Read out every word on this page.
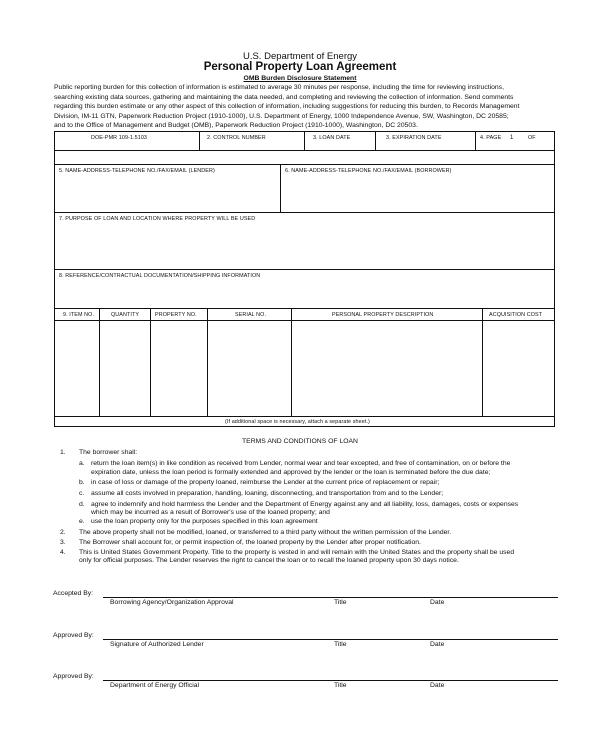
U.S. Department of Energy
Personal Property Loan Agreement
OMB Burden Disclosure Statement
Public reporting burden for this collection of information is estimated to average 30 minutes per response, including the time for reviewing instructions,
searching existing data sources, gathering and maintaining the data needed, and completing and reviewing the collection of information. Send comments
regarding this burden estimate or any other aspect of this collection of information, including suggestions for reducing this burden, to Records Management
Division, IM-11 GTN, Paperwork Reduction Project (1910-1000), U.S. Department of Energy, 1000 Independence Avenue, SW, Washington, DC 20585;
and to the Office of Management and Budget (OMB), Paperwork Reduction Project (1910-1000), Washington, DC 20503.
DOE-PMR 109-1.5103	2. CONTROL NUMBER	3. LOAN DATE	3. EXPIRATION DATE	4. PAGE 1	OF
5. NAME-ADDRESS-TELEPHONE NO./FAX/EMAIL (LENDER)	6. NAME-ADDRESS-TELEPHONE NO./FAX/EMAIL (BORROWER)
7. PURPOSE OF LOAN AND LOCATION WHERE PROPERTY WILL BE USED
8. REFERENCE/CONTRACTUAL DOCUMENTATION/SHIPPING INFORMATION
9. ITEM NO.	QUANTITY	PROPERTY NO.	SERIAL NO.	PERSONAL PROPERTY DESCRIPTION	ACQUISITION COST
(If additional space is necessary, attach a separate sheet.)
TERMS AND CONDITIONS OF LOAN
1. The borrower shall:
a. return the loan item(s) in like condition as received from Lender, normal wear and tear excepted, and free of contamination, on or before the
expiration date, unless the loan period is formally extended and approved by the lender or the loan is terminated before the due date;
b. in case of loss or damage of the property loaned, reimburse the Lender at the current price of replacement or repair;
c. assume all costs involved in preparation, handling, loaning, disconnecting, and transportation from and to the Lender;
d. agree to indemnify and hold harmless the Lender and the Department of Energy against any and all liability, loss, damages, costs or expenses
which may be incurred as a result of Borrower's use of the loaned property; and
e. use the loan property only for the purposes specified in this loan agreement
2. The above property shall not be modified, loaned, or transferred to a third party without the written permission of the Lender.
3. The Borrower shall account for, or permit inspection of, the loaned property by the Lender after proper notification.
4. This is United States Government Property. Title to the property is vested in and will remain with the United States and the property shall be used
only for official purposes. The Lender reserves the right to cancel the loan or to recall the loaned property upon 30 days notice.
Accepted By:
Borrowing Agency/Organization Approval	Title	Date
Approved By:
Signature of Authorized Lender	Title	Date
Approved By:
Department of Energy Official	Title	Date
